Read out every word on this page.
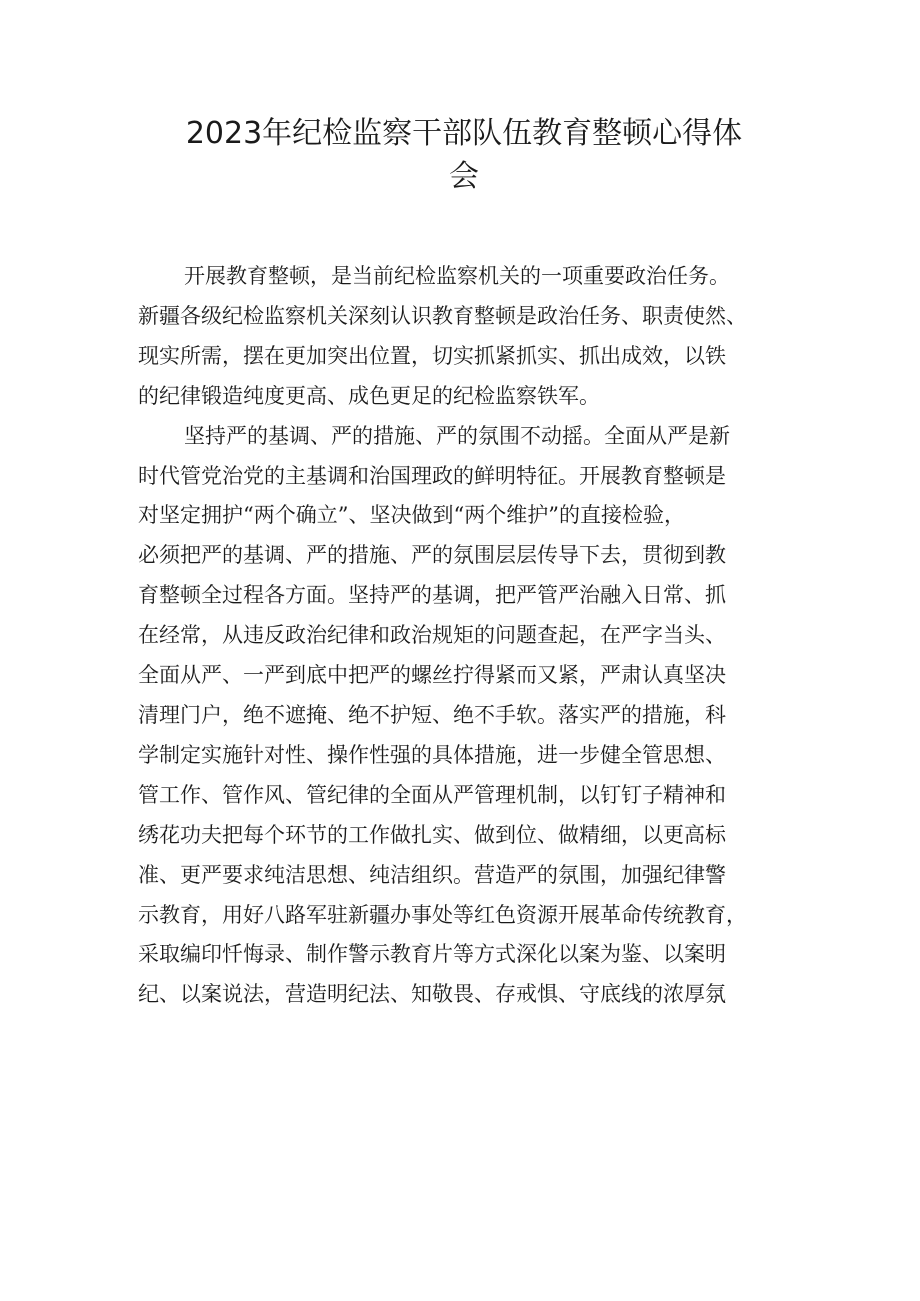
2023年纪检监察干部队伍教育整顿心得体
会

开展教育整顿，是当前纪检监察机关的一项重要政治任务。

新疆各级纪检监察机关深刻认识教育整顿是政治任务、职责使然、

现实所需，摆在更加突出位置，切实抓紧抓实、抓出成效，以铁

的纪律锻造纯度更高、成色更足的纪检监察铁军。

坚持严的基调、严的措施、严的氛围不动摇。全面从严是新

时代管党治党的主基调和治国理政的鲜明特征。开展教育整顿是

对坚定拥护“两个确立”、坚决做到“两个维护”的直接检验，

必须把严的基调、严的措施、严的氛围层层传导下去，贯彻到教

育整顿全过程各方面。坚持严的基调，把严管严治融入日常、抓

在经常，从违反政治纪律和政治规矩的问题查起，在严字当头、

全面从严、一严到底中把严的螺丝拧得紧而又紧，严肃认真坚决

清理门户，绝不遮掩、绝不护短、绝不手软。落实严的措施，科

学制定实施针对性、操作性强的具体措施，进一步健全管思想、

管工作、管作风、管纪律的全面从严管理机制，以钉钉子精神和

绣花功夫把每个环节的工作做扎实、做到位、做精细，以更高标

准、更严要求纯洁思想、纯洁组织。营造严的氛围，加强纪律警

示教育，用好八路军驻新疆办事处等红色资源开展革命传统教育，

采取编印忏悔录、制作警示教育片等方式深化以案为鉴、以案明

纪、以案说法，营造明纪法、知敬畏、存戒惧、守底线的浓厚氛
